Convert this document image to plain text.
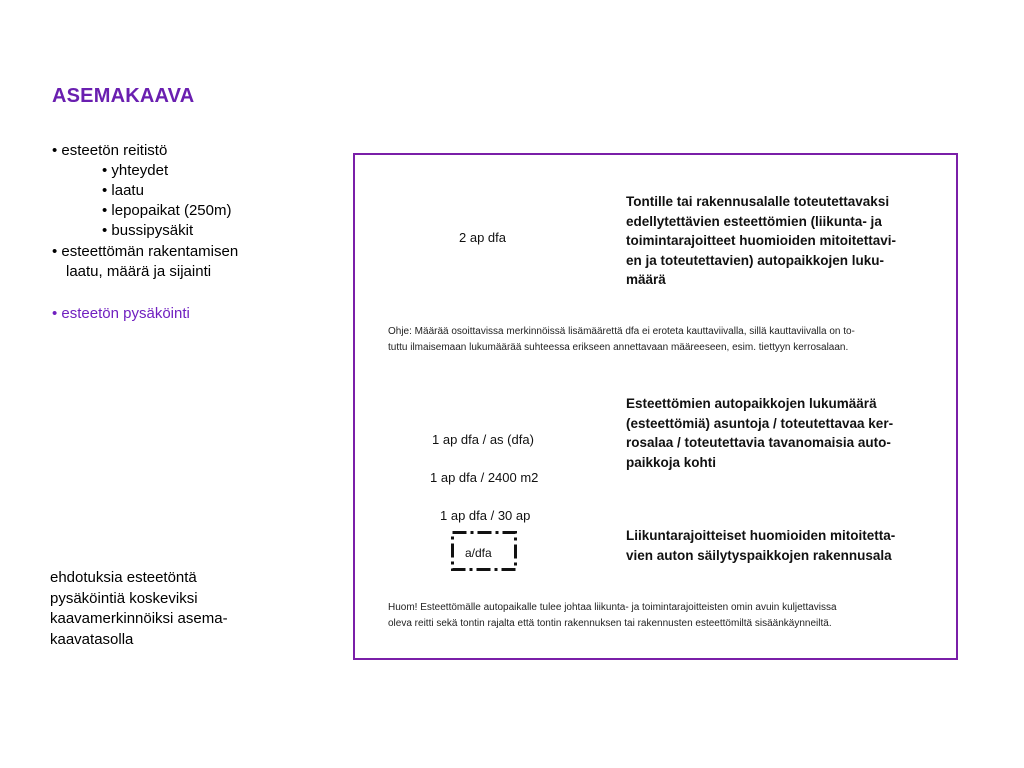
ASEMAKAAVA
• esteetön reitistö
• yhteydet
• laatu
• lepopaikat (250m)
• bussipysäkit
• esteettömän rakentamisen
laatu, määrä ja sijainti
• esteetön pysäköinti
ehdotuksia esteetöntä
pysäköintiä koskeviksi
kaavamerkinnöiksi asema-
kaavatasolla
2 ap dfa
Tontille tai rakennusalalle toteutettavaksi
edellytettävien esteettömien (liikunta- ja
toimintarajoitteet huomioiden mitoitettavi-
en ja toteutettavien) autopaikkojen luku-
määrä
Ohje: Määrää osoittavissa merkinnöissä lisämäärettä dfa ei eroteta kauttaviivalla, sillä kauttaviivalla on to-
tuttu ilmaisemaan lukumäärää suhteessa erikseen annettavaan määreeseen, esim. tiettyyn kerrosalaan.
1 ap dfa / as (dfa)
1 ap dfa / 2400 m2
Esteettömien autopaikkojen lukumäärä
(esteettömiä) asuntoja / toteutettavaa ker-
rosalaa / toteutettavia tavanomaisia auto-
paikkoja kohti
1 ap dfa / 30 ap
a/dfa
Liikuntarajoitteiset huomioiden mitoitetta-
vien auton säilytyspaikkojen rakennusala
Huom! Esteettömälle autopaikalle tulee johtaa liikunta- ja toimintarajoitteisten omin avuin kuljettavissa
oleva reitti sekä tontin rajalta että tontin rakennuksen tai rakennusten esteettömiltä sisäänkäynneiltä.
